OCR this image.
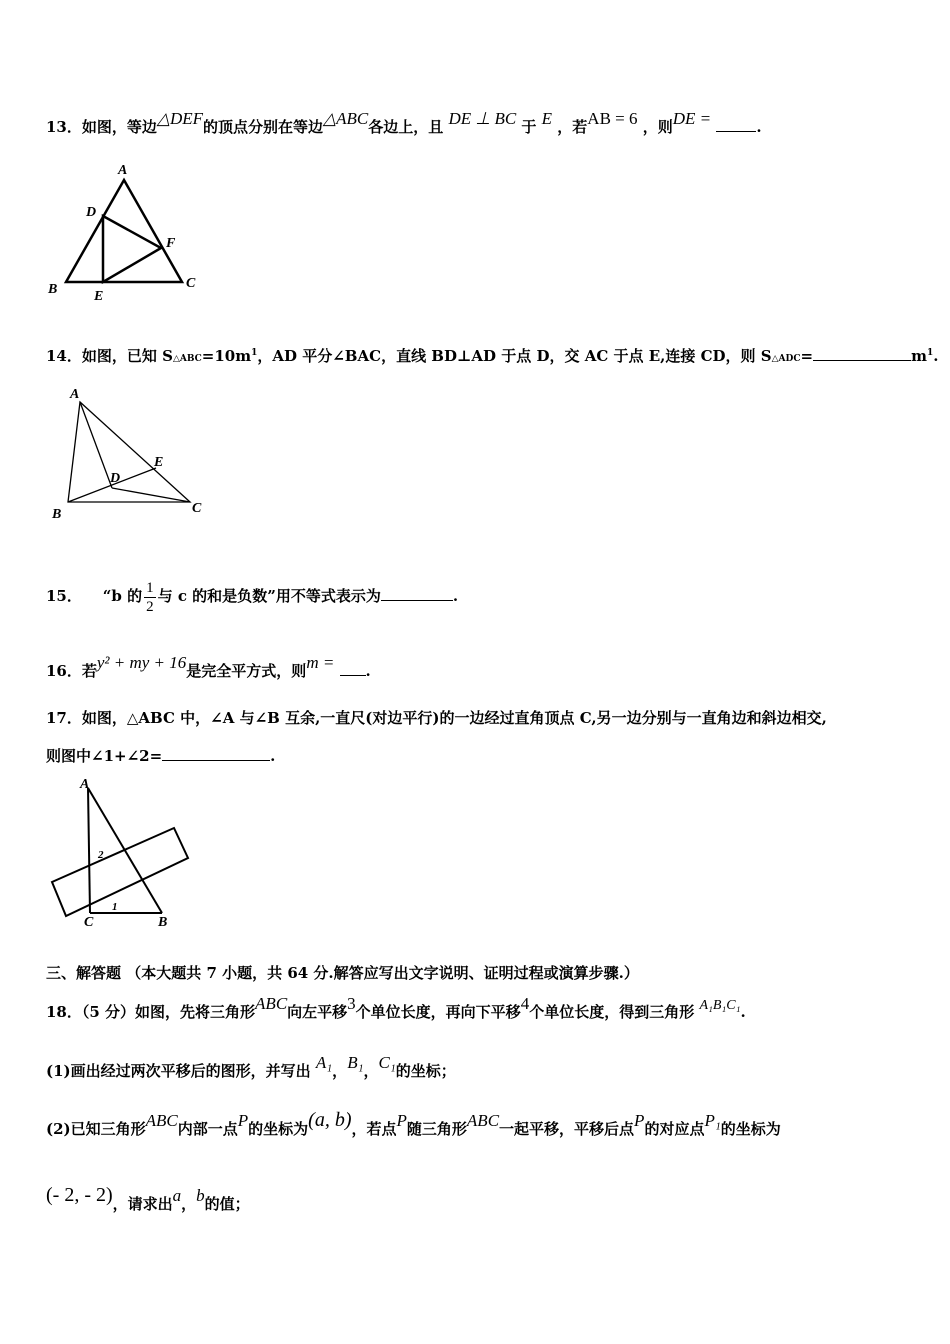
13．如图，等边△DEF的顶点分别在等边△ABC各边上，且 DE ⊥ BC 于 E ，若AB = 6 ，则DE =	.
A
D
F
B	E
C
14．如图，已知 $S\triangle ABC=10m^1$，AD 平分∠BAC，直线 BD⊥AD 于点 D，交 AC 于点 E,连接 CD，则 S△ADC=	$m^1$.
A
E
D
B	C
15． “b 的 $\frac{1}{2}$ 与 c 的和是负数”用不等式表示为	.
16．若y² + my + 16是完全平方式，则m = .
17．如图，△ABC 中，∠A 与∠B 互余,一直尺(对边平行)的一边经过直角顶点 C,另一边分别与一直角边和斜边相交,
则图中∠1+∠2=	.
A
2
1
C	B
三、解答题 （本大题共 7 小题，共 64 分.解答应写出文字说明、证明过程或演算步骤.）
18．（5 分）如图，先将三角形ABC向左平移3个单位长度，再向下平移4个单位长度，得到三角形 A₁B₁C₁.
(1)画出经过两次平移后的图形，并写出 A₁，B₁，C₁的坐标；
(2)已知三角形ABC内部一点P的坐标为(a, b)，若点P随三角形ABC一起平移，平移后点P的对应点P₁的坐标为
(- 2, - 2)，请求出a，b的值；
